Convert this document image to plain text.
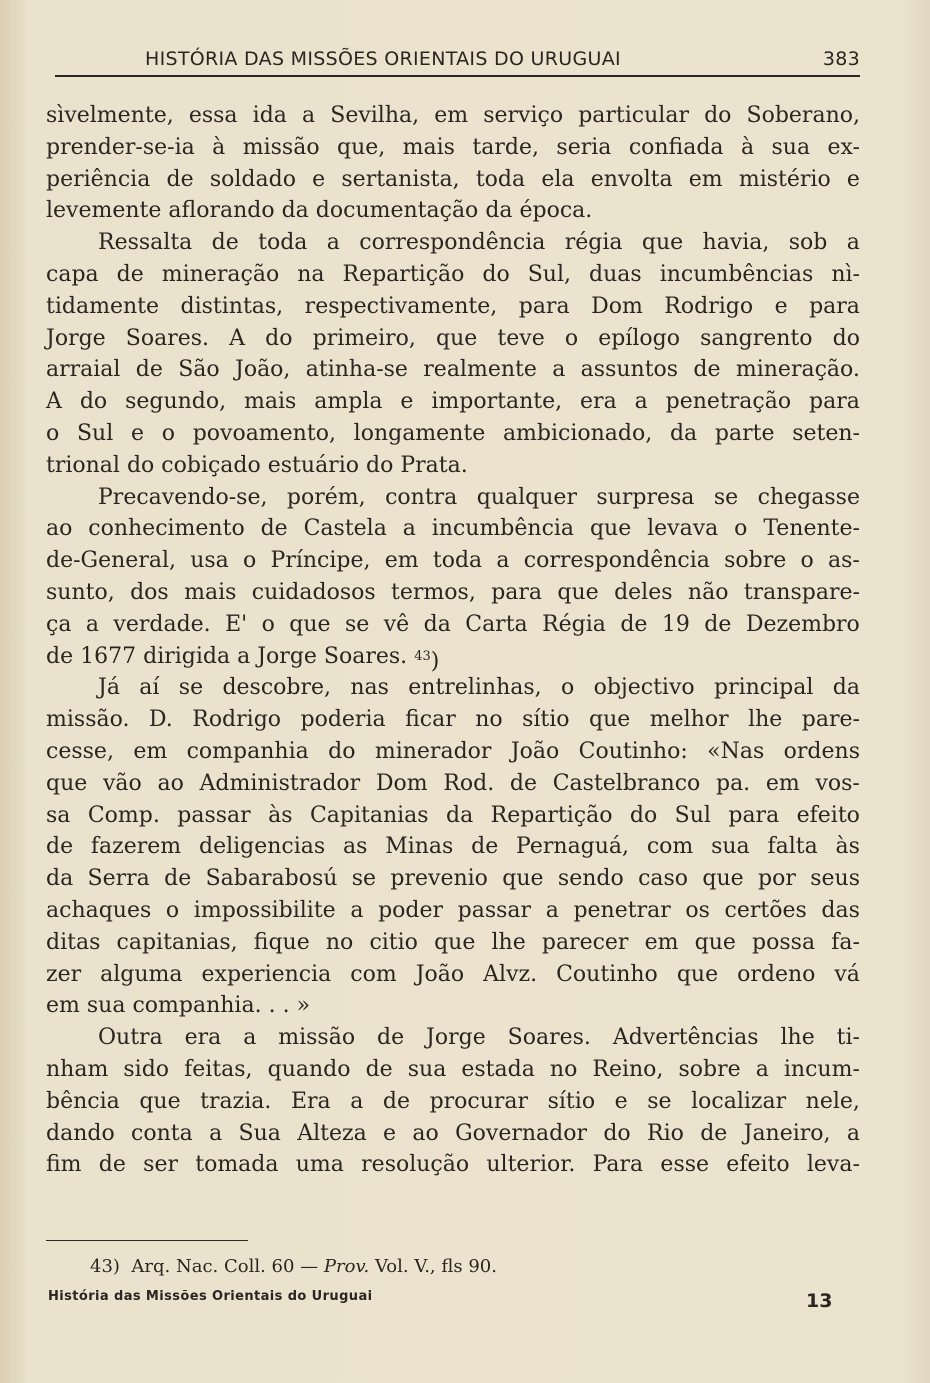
HISTÓRIA DAS MISSÕES ORIENTAIS DO URUGUAI	383
sìvelmente, essa ida a Sevilha, em serviço particular do Soberano,
prender-se-ia à missão que, mais tarde, seria confiada à sua ex-
periência de soldado e sertanista, toda ela envolta em mistério e
levemente aflorando da documentação da época.
Ressalta de toda a correspondência régia que havia, sob a
capa de mineração na Repartição do Sul, duas incumbências nì-
tidamente distintas, respectivamente, para Dom Rodrigo e para
Jorge Soares. A do primeiro, que teve o epílogo sangrento do
arraial de São João, atinha-se realmente a assuntos de mineração.
A do segundo, mais ampla e importante, era a penetração para
o Sul e o povoamento, longamente ambicionado, da parte seten-
trional do cobiçado estuário do Prata.
Precavendo-se, porém, contra qualquer surpresa se chegasse
ao conhecimento de Castela a incumbência que levava o Tenente-
de-General, usa o Príncipe, em toda a correspondência sobre o as-
sunto, dos mais cuidadosos termos, para que deles não transpare-
ça a verdade. E' o que se vê da Carta Régia de 19 de Dezembro
de 1677 dirigida a Jorge Soares. $^{43}$)
Já aí se descobre, nas entrelinhas, o objectivo principal da
missão. D. Rodrigo poderia ficar no sítio que melhor lhe pare-
cesse, em companhia do minerador João Coutinho: «Nas ordens
que vão ao Administrador Dom Rod. de Castelbranco pa. em vos-
sa Comp. passar às Capitanias da Repartição do Sul para efeito
de fazerem deligencias as Minas de Pernaguá, com sua falta às
da Serra de Sabarabosú se prevenio que sendo caso que por seus
achaques o impossibilite a poder passar a penetrar os certões das
ditas capitanias, fique no citio que lhe parecer em que possa fa-
zer alguma experiencia com João Alvz. Coutinho que ordeno vá
em sua companhia. . . »
Outra era a missão de Jorge Soares. Advertências lhe ti-
nham sido feitas, quando de sua estada no Reino, sobre a incum-
bência que trazia. Era a de procurar sítio e se localizar nele,
dando conta a Sua Alteza e ao Governador do Rio de Janeiro, a
fim de ser tomada uma resolução ulterior. Para esse efeito leva-
43) Arq. Nac. Coll. 60 — Prov. Vol. V., fls 90.
História das Missões Orientais do Uruguai	13
